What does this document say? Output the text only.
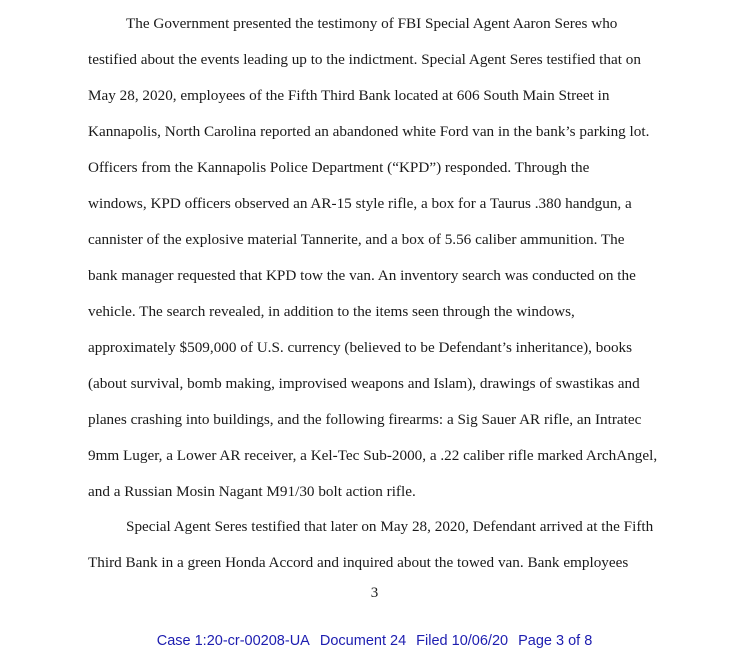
The Government presented the testimony of FBI Special Agent Aaron Seres who
testified about the events leading up to the indictment. Special Agent Seres testified that on
May 28, 2020, employees of the Fifth Third Bank located at 606 South Main Street in
Kannapolis, North Carolina reported an abandoned white Ford van in the bank’s parking lot.
Officers from the Kannapolis Police Department (“KPD”) responded. Through the
windows, KPD officers observed an AR-15 style rifle, a box for a Taurus .380 handgun, a
cannister of the explosive material Tannerite, and a box of 5.56 caliber ammunition. The
bank manager requested that KPD tow the van. An inventory search was conducted on the
vehicle. The search revealed, in addition to the items seen through the windows,
approximately $509,000 of U.S. currency (believed to be Defendant’s inheritance), books
(about survival, bomb making, improvised weapons and Islam), drawings of swastikas and
planes crashing into buildings, and the following firearms: a Sig Sauer AR rifle, an Intratec
9mm Luger, a Lower AR receiver, a Kel-Tec Sub-2000, a .22 caliber rifle marked ArchAngel,
and a Russian Mosin Nagant M91/30 bolt action rifle.
Special Agent Seres testified that later on May 28, 2020, Defendant arrived at the Fifth
Third Bank in a green Honda Accord and inquired about the towed van. Bank employees
3
Case 1:20-cr-00208-UA Document 24 Filed 10/06/20 Page 3 of 8
